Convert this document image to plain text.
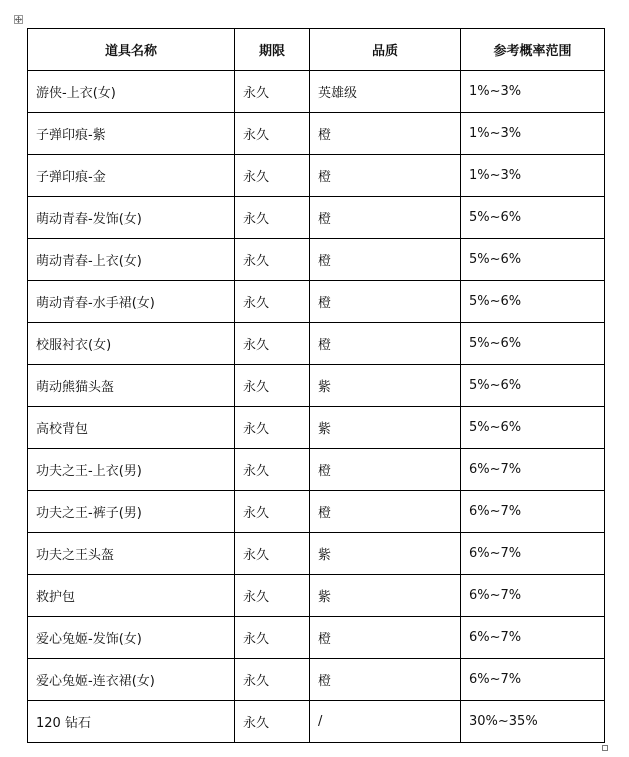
道具名称	期限	品质	参考概率范围
游侠-上衣(女)	永久	英雄级	1%~3%
子弹印痕-紫	永久	橙	1%~3%
子弹印痕-金	永久	橙	1%~3%
萌动青春-发饰(女)	永久	橙	5%~6%
萌动青春-上衣(女)	永久	橙	5%~6%
萌动青春-水手裙(女)	永久	橙	5%~6%
校服衬衣(女)	永久	橙	5%~6%
萌动熊猫头盔	永久	紫	5%~6%
高校背包	永久	紫	5%~6%
功夫之王-上衣(男)	永久	橙	6%~7%
功夫之王-裤子(男)	永久	橙	6%~7%
功夫之王头盔	永久	紫	6%~7%
救护包	永久	紫	6%~7%
爱心兔姬-发饰(女)	永久	橙	6%~7%
爱心兔姬-连衣裙(女)	永久	橙	6%~7%
120 钻石	永久	/	30%~35%
